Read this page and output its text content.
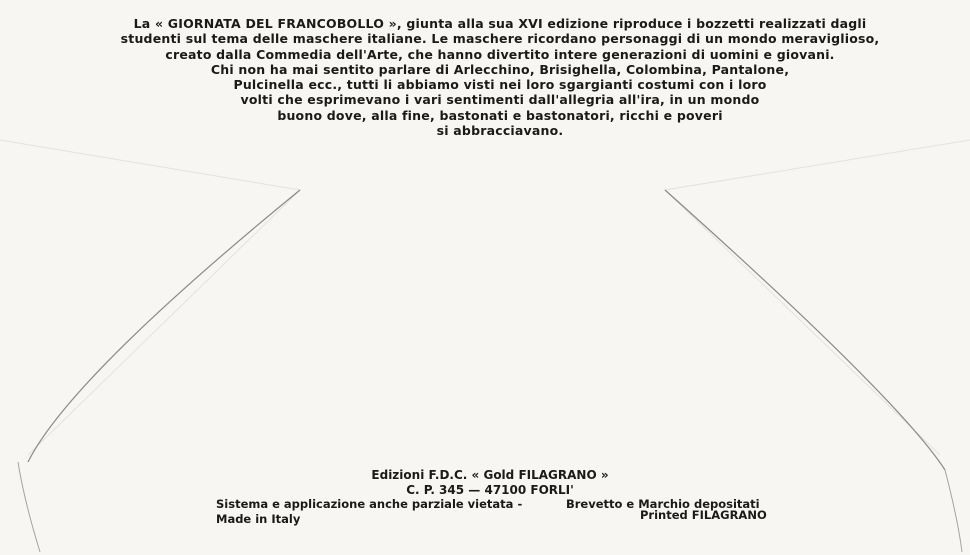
La « GIORNATA DEL FRANCOBOLLO », giunta alla sua XVI edizione riproduce i bozzetti realizzati dagli
studenti sul tema delle maschere italiane. Le maschere ricordano personaggi di un mondo meraviglioso,
creato dalla Commedia dell'Arte, che hanno divertito intere generazioni di uomini e giovani.
Chi non ha mai sentito parlare di Arlecchino, Brisighella, Colombina, Pantalone,
Pulcinella ecc., tutti li abbiamo visti nei loro sgargianti costumi con i loro
volti che esprimevano i vari sentimenti dall'allegria all'ira, in un mondo
buono dove, alla fine, bastonati e bastonatori, ricchi e poveri
si abbracciavano.
Edizioni F.D.C. « Gold FILAGRANO »
C. P. 345 — 47100 FORLI'
Sistema e applicazione anche parziale vietata -	Brevetto e Marchio depositati
Made in Italy	Printed FILAGRANO
